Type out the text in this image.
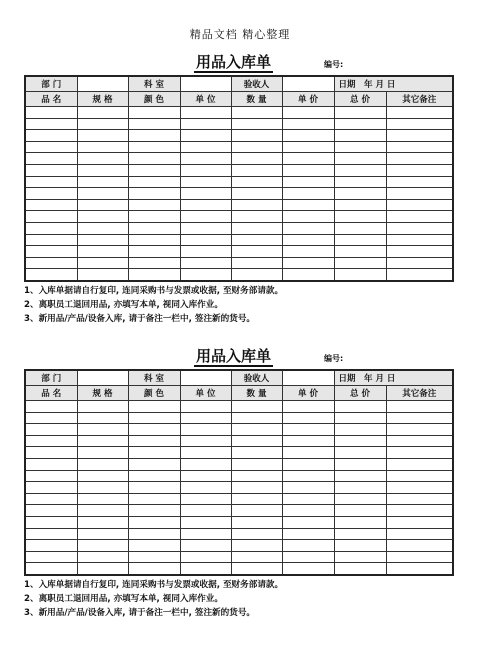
精品文档 精心整理
用品入库单	编号:
部 门		科 室		验收人		日期　年 月 日	
品 名	规 格	颜 色	单 位	数 量	单 价	总 价	其它备注

1、入库单据请自行复印, 连同采购书与发票或收据, 至财务部请款。
2、离职员工退回用品, 亦填写本单, 视同入库作业。
3、新用品/产品/设备入库, 请于备注一栏中, 签注新的货号。
用品入库单	编号:
部 门		科 室		验收人		日期　年 月 日	
品 名	规 格	颜 色	单 位	数 量	单 价	总 价	其它备注

1、入库单据请自行复印, 连同采购书与发票或收据, 至财务部请款。
2、离职员工退回用品, 亦填写本单, 视同入库作业。
3、新用品/产品/设备入库, 请于备注一栏中, 签注新的货号。
